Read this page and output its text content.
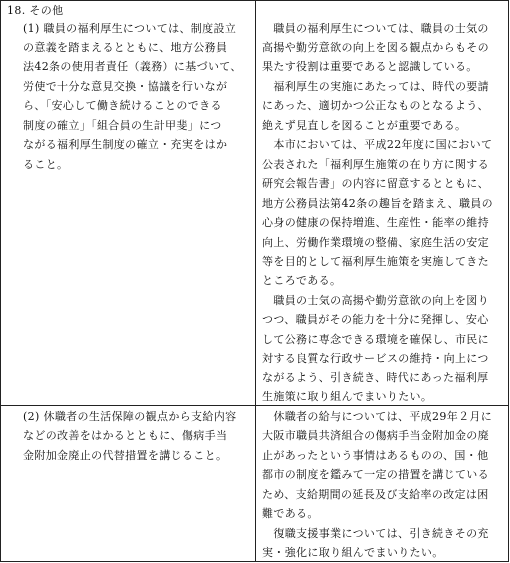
18. その他
(1) 職員の福利厚生については、制度設立
の意義を踏まえるとともに、地方公務員
法42条の使用者責任（義務）に基づいて、
労使で十分な意見交換・協議を行いなが
ら、「安心して働き続けることのできる
制度の確立」「組合員の生計甲斐」につ
ながる福利厚生制度の確立・充実をはか
ること。
　職員の福利厚生については、職員の士気の
高揚や勤労意欲の向上を図る観点からもその
果たす役割は重要であると認識している。
　福利厚生の実施にあたっては、時代の要請
にあった、適切かつ公正なものとなるよう、
絶えず見直しを図ることが重要である。
　本市においては、平成22年度に国において
公表された「福利厚生施策の在り方に関する
研究会報告書」の内容に留意するとともに、
地方公務員法第42条の趣旨を踏まえ、職員の
心身の健康の保持増進、生産性・能率の維持
向上、労働作業環境の整備、家庭生活の安定
等を目的として福利厚生施策を実施してきた
ところである。
　職員の士気の高揚や勤労意欲の向上を図り
つつ、職員がその能力を十分に発揮し、安心
して公務に専念できる環境を確保し、市民に
対する良質な行政サービスの維持・向上につ
ながるよう、引き続き、時代にあった福利厚
生施策に取り組んでまいりたい。
(2) 休職者の生活保障の観点から支給内容
などの改善をはかるとともに、傷病手当
金附加金廃止の代替措置を講じること。
　休職者の給与については、平成29年２月に
大阪市職員共済組合の傷病手当金附加金の廃
止があったという事情はあるものの、国・他
都市の制度を鑑みて一定の措置を講じている
ため、支給期間の延長及び支給率の改定は困
難である。
　復職支援事業については、引き続きその充
実・強化に取り組んでまいりたい。
